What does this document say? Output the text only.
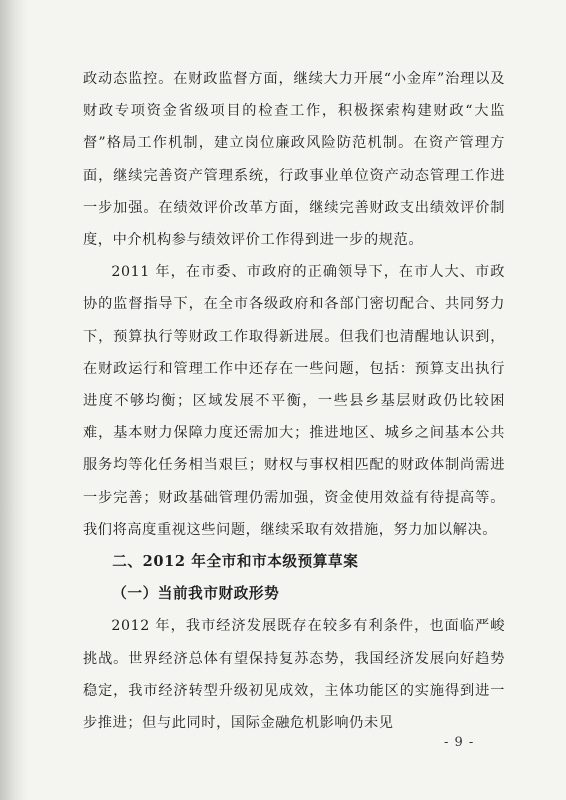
政动态监控。在财政监督方面，继续大力开展“小金库”治理以及财政专项资金省级项目的检查工作，积极探索构建财政“大监督”格局工作机制，建立岗位廉政风险防范机制。在资产管理方面，继续完善资产管理系统，行政事业单位资产动态管理工作进一步加强。在绩效评价改革方面，继续完善财政支出绩效评价制度，中介机构参与绩效评价工作得到进一步的规范。

2011 年，在市委、市政府的正确领导下，在市人大、市政协的监督指导下，在全市各级政府和各部门密切配合、共同努力下，预算执行等财政工作取得新进展。但我们也清醒地认识到，在财政运行和管理工作中还存在一些问题，包括：预算支出执行进度不够均衡；区域发展不平衡，一些县乡基层财政仍比较困难，基本财力保障力度还需加大；推进地区、城乡之间基本公共服务均等化任务相当艰巨；财权与事权相匹配的财政体制尚需进一步完善；财政基础管理仍需加强，资金使用效益有待提高等。我们将高度重视这些问题，继续采取有效措施，努力加以解决。

二、2012 年全市和市本级预算草案

（一）当前我市财政形势

2012 年，我市经济发展既存在较多有利条件，也面临严峻挑战。世界经济总体有望保持复苏态势，我国经济发展向好趋势稳定，我市经济转型升级初见成效，主体功能区的实施得到进一步推进；但与此同时，国际金融危机影响仍未见

- 9 -
